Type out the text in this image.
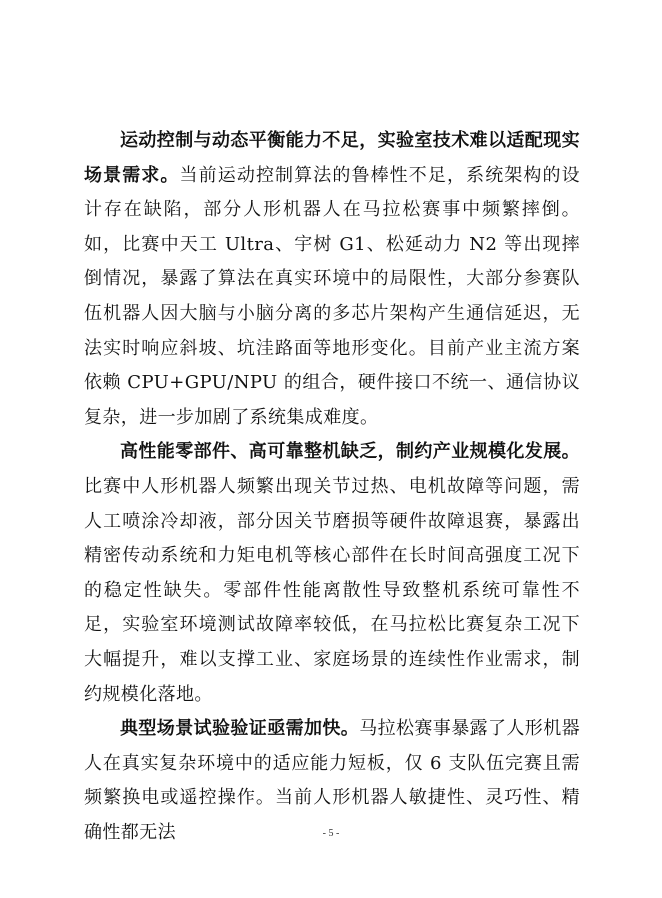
运动控制与动态平衡能力不足，实验室技术难以适配现实场景需求。当前运动控制算法的鲁棒性不足，系统架构的设计存在缺陷，部分人形机器人在马拉松赛事中频繁摔倒。如，比赛中天工 Ultra、宇树 G1、松延动力 N2 等出现摔倒情况，暴露了算法在真实环境中的局限性，大部分参赛队伍机器人因大脑与小脑分离的多芯片架构产生通信延迟，无法实时响应斜坡、坑洼路面等地形变化。目前产业主流方案依赖 CPU+GPU/NPU 的组合，硬件接口不统一、通信协议复杂，进一步加剧了系统集成难度。

高性能零部件、高可靠整机缺乏，制约产业规模化发展。比赛中人形机器人频繁出现关节过热、电机故障等问题，需人工喷涂冷却液，部分因关节磨损等硬件故障退赛，暴露出精密传动系统和力矩电机等核心部件在长时间高强度工况下的稳定性缺失。零部件性能离散性导致整机系统可靠性不足，实验室环境测试故障率较低，在马拉松比赛复杂工况下大幅提升，难以支撑工业、家庭场景的连续性作业需求，制约规模化落地。

典型场景试验验证亟需加快。马拉松赛事暴露了人形机器人在真实复杂环境中的适应能力短板，仅 6 支队伍完赛且需频繁换电或遥控操作。当前人形机器人敏捷性、灵巧性、精确性都无法	- 5 -
